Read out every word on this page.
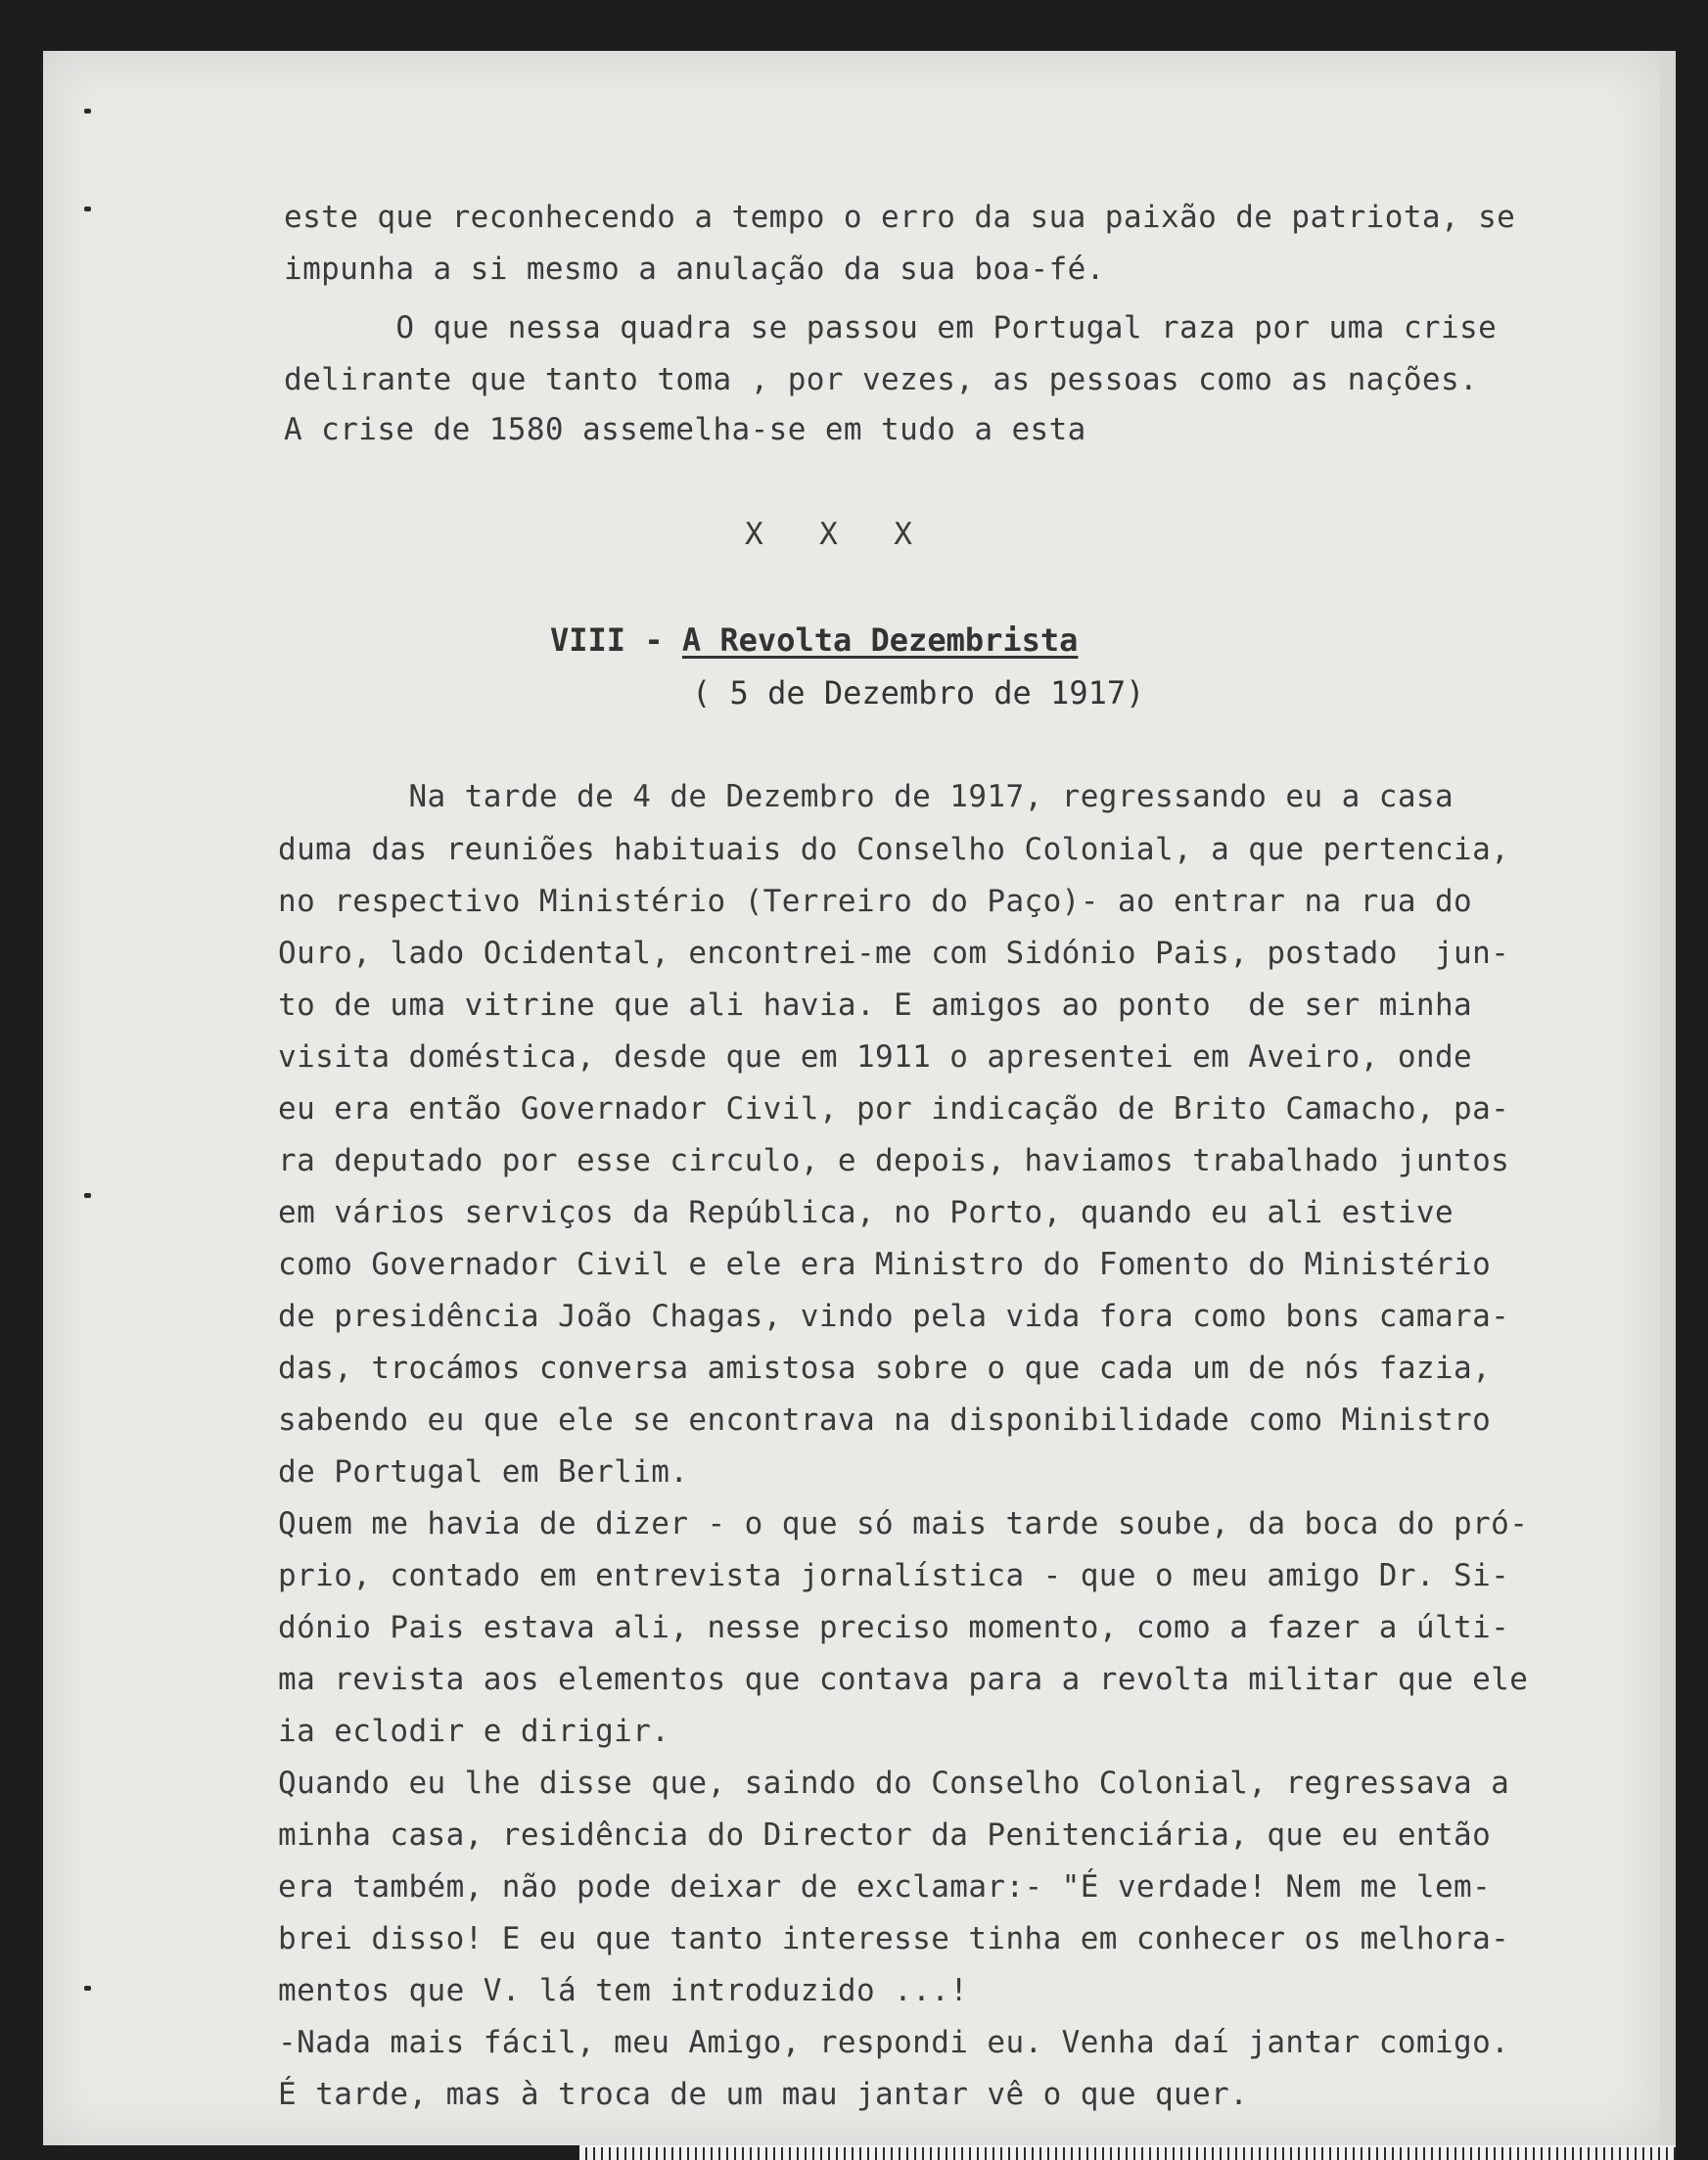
este que reconhecendo a tempo o erro da sua paixão de patriota, se

impunha a si mesmo a anulação da sua boa-fé.

O que nessa quadra se passou em Portugal raza por uma crise

delirante que tanto toma , por vezes, as pessoas como as nações.

A crise de 1580 assemelha-se em tudo a esta

Na tarde de 4 de Dezembro de 1917, regressando eu a casa

duma das reuniões habituais do Conselho Colonial, a que pertencia,

no respectivo Ministério (Terreiro do Paço)- ao entrar na rua do

Ouro, lado Ocidental, encontrei-me com Sidónio Pais, postado  jun-

to de uma vitrine que ali havia. E amigos ao ponto  de ser minha

visita doméstica, desde que em 1911 o apresentei em Aveiro, onde

eu era então Governador Civil, por indicação de Brito Camacho, pa-

ra deputado por esse circulo, e depois, haviamos trabalhado juntos

em vários serviços da República, no Porto, quando eu ali estive

como Governador Civil e ele era Ministro do Fomento do Ministério

de presidência João Chagas, vindo pela vida fora como bons camara-

das, trocámos conversa amistosa sobre o que cada um de nós fazia,

sabendo eu que ele se encontrava na disponibilidade como Ministro

de Portugal em Berlim.

Quem me havia de dizer - o que só mais tarde soube, da boca do pró-

prio, contado em entrevista jornalística - que o meu amigo Dr. Si-

dónio Pais estava ali, nesse preciso momento, como a fazer a últi-

ma revista aos elementos que contava para a revolta militar que ele

ia eclodir e dirigir.

Quando eu lhe disse que, saindo do Conselho Colonial, regressava a

minha casa, residência do Director da Penitenciária, que eu então

era também, não pode deixar de exclamar:- "É verdade! Nem me lem-

brei disso! E eu que tanto interesse tinha em conhecer os melhora-

mentos que V. lá tem introduzido ...!

-Nada mais fácil, meu Amigo, respondi eu. Venha daí jantar comigo.

É tarde, mas à troca de um mau jantar vê o que quer.

X X X
VIII - A Revolta Dezembrista
( 5 de Dezembro de 1917)
